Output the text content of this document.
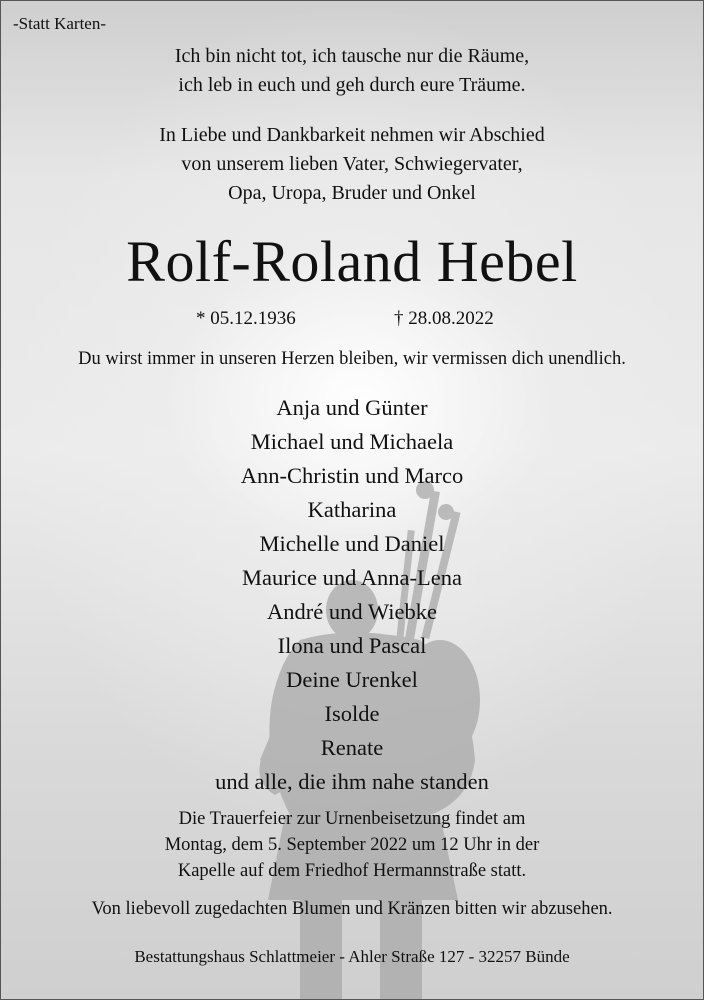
-Statt Karten-
Ich bin nicht tot, ich tausche nur die Räume,
ich leb in euch und geh durch eure Träume.
In Liebe und Dankbarkeit nehmen wir Abschied
von unserem lieben Vater, Schwiegervater,
Opa, Uropa, Bruder und Onkel
Rolf-Roland Hebel
* 05.12.1936	† 28.08.2022
Du wirst immer in unseren Herzen bleiben, wir vermissen dich unendlich.
Anja und Günter
Michael und Michaela
Ann-Christin und Marco
Katharina
Michelle und Daniel
Maurice und Anna-Lena
André und Wiebke
Ilona und Pascal
Deine Urenkel
Isolde
Renate
und alle, die ihm nahe standen
Die Trauerfeier zur Urnenbeisetzung findet am
Montag, dem 5. September 2022 um 12 Uhr in der
Kapelle auf dem Friedhof Hermannstraße statt.
Von liebevoll zugedachten Blumen und Kränzen bitten wir abzusehen.
Bestattungshaus Schlattmeier - Ahler Straße 127 - 32257 Bünde
